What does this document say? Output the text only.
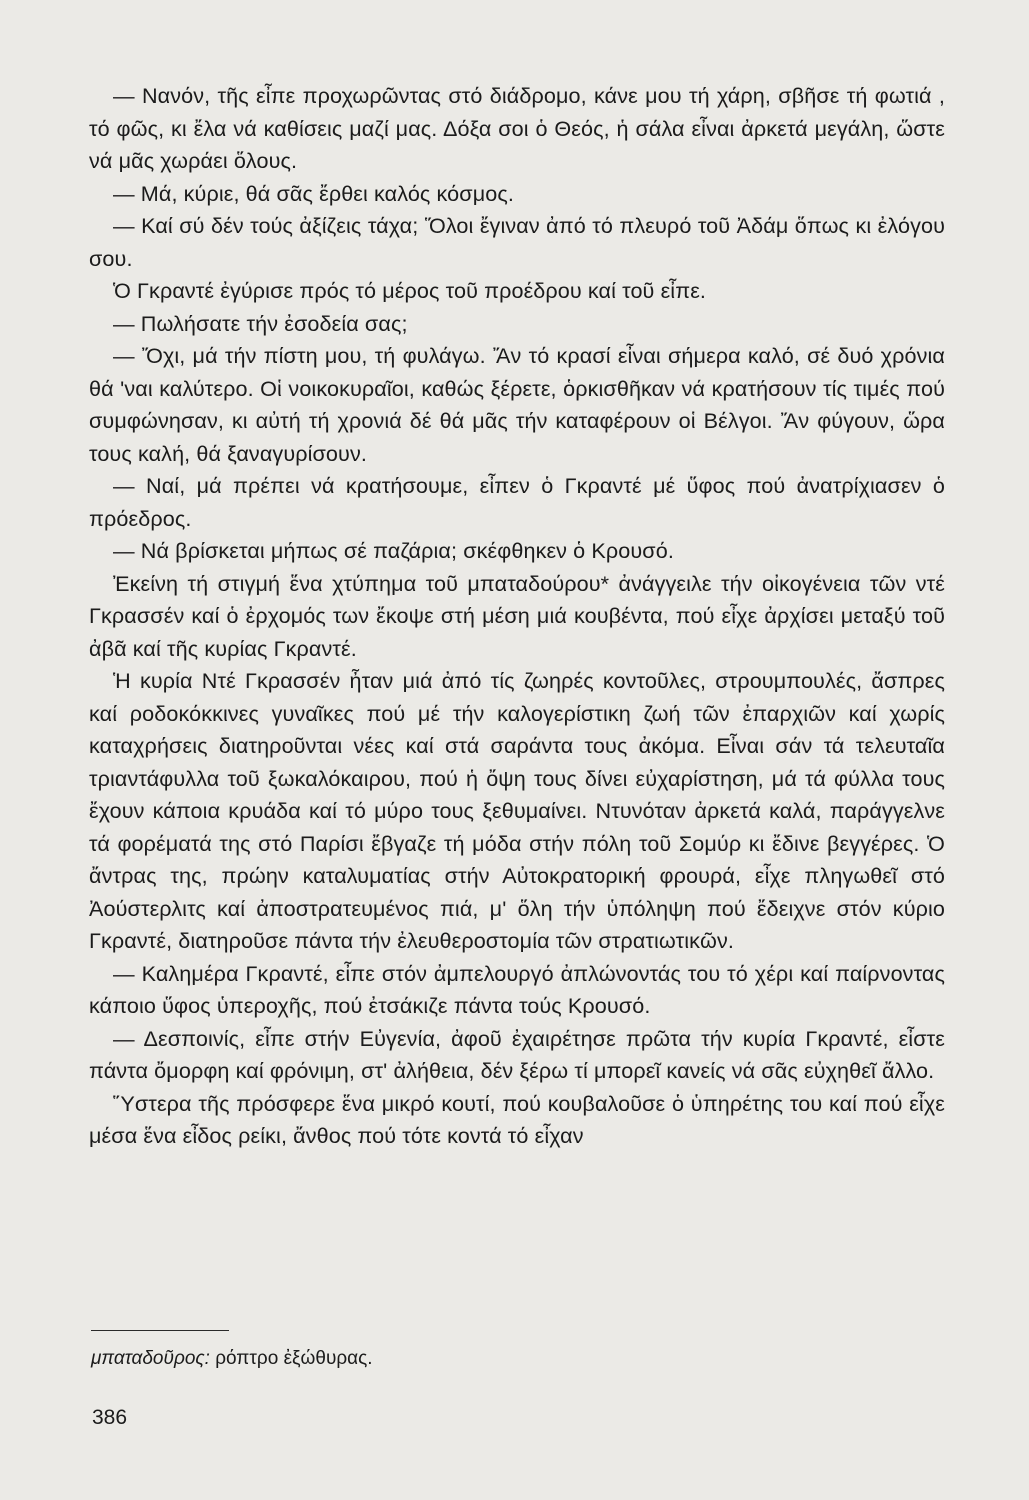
— Νανόν, τῆς εἶπε προχωρῶντας στό διάδρομο, κάνε μου τή χάρη, σβῆσε τή φωτιά , τό φῶς, κι ἔλα νά καθίσεις μαζί μας. Δόξα σοι ὁ Θεός, ἡ σάλα εἶναι ἀρκετά μεγάλη, ὥστε νά μᾶς χωράει ὅλους.

— Μά, κύριε, θά σᾶς ἔρθει καλός κόσμος.

— Καί σύ δέν τούς ἀξίζεις τάχα; Ὅλοι ἔγιναν ἀπό τό πλευρό τοῦ Ἀδάμ ὅπως κι ἐλόγου σου.

Ὁ Γκραντέ ἐγύρισε πρός τό μέρος τοῦ προέδρου καί τοῦ εἶπε.

— Πωλήσατε τήν ἐσοδεία σας;

— Ὄχι, μά τήν πίστη μου, τή φυλάγω. Ἄν τό κρασί εἶναι σήμερα καλό, σέ δυό χρόνια θά 'ναι καλύτερο. Οἱ νοικοκυραῖοι, καθώς ξέρετε, ὁρκισθῆκαν νά κρατήσουν τίς τιμές πού συμφώνησαν, κι αὐτή τή χρονιά δέ θά μᾶς τήν καταφέρουν οἱ Βέλγοι. Ἄν φύγουν, ὥρα τους καλή, θά ξαναγυρίσουν.

— Ναί, μά πρέπει νά κρατήσουμε, εἶπεν ὁ Γκραντέ μέ ὕφος πού ἀνατρίχιασεν ὁ πρόεδρος.

— Νά βρίσκεται μήπως σέ παζάρια; σκέφθηκεν ὁ Κρουσό.

Ἐκείνη τή στιγμή ἕνα χτύπημα τοῦ μπαταδούρου* ἀνάγγειλε τήν οἰκογένεια τῶν ντέ Γκρασσέν καί ὁ ἐρχομός των ἔκοψε στή μέση μιά κουβέντα, πού εἶχε ἀρχίσει μεταξύ τοῦ ἀβᾶ καί τῆς κυρίας Γκραντέ.

Ἡ κυρία Ντέ Γκρασσέν ἦταν μιά ἀπό τίς ζωηρές κοντοῦλες, στρουμπουλές, ἄσπρες καί ροδοκόκκινες γυναῖκες πού μέ τήν καλογερίστικη ζωή τῶν ἐπαρχιῶν καί χωρίς καταχρήσεις διατηροῦνται νέες καί στά σαράντα τους ἀκόμα. Εἶναι σάν τά τελευταῖα τριαντάφυλλα τοῦ ξωκαλόκαιρου, πού ἡ ὄψη τους δίνει εὐχαρίστηση, μά τά φύλλα τους ἔχουν κάποια κρυάδα καί τό μύρο τους ξεθυμαίνει. Ντυνόταν ἀρκετά καλά, παράγγελνε τά φορέματά της στό Παρίσι ἔβγαζε τή μόδα στήν πόλη τοῦ Σομύρ κι ἔδινε βεγγέρες. Ὁ ἄντρας της, πρώην καταλυματίας στήν Αὐτοκρατορική φρουρά, εἶχε πληγωθεῖ στό Ἀούστερλιτς καί ἀποστρατευμένος πιά, μ' ὅλη τήν ὑπόληψη πού ἔδειχνε στόν κύριο Γκραντέ, διατηροῦσε πάντα τήν ἐλευθεροστομία τῶν στρατιωτικῶν.

— Καλημέρα Γκραντέ, εἶπε στόν ἀμπελουργό ἀπλώνοντάς του τό χέρι καί παίρνοντας κάποιο ὕφος ὑπεροχῆς, πού ἐτσάκιζε πάντα τούς Κρουσό.

— Δεσποινίς, εἶπε στήν Εὐγενία, ἀφοῦ ἐχαιρέτησε πρῶτα τήν κυρία Γκραντέ, εἶστε πάντα ὄμορφη καί φρόνιμη, στ' ἀλήθεια, δέν ξέρω τί μπορεῖ κανείς νά σᾶς εὐχηθεῖ ἄλλο.

Ὕστερα τῆς πρόσφερε ἕνα μικρό κουτί, πού κουβαλοῦσε ὁ ὑπηρέτης του καί πού εἶχε μέσα ἕνα εἶδος ρείκι, ἄνθος πού τότε κοντά τό εἶχαν

μπαταδοῦρος: ρόπτρο ἐξώθυρας.
386
